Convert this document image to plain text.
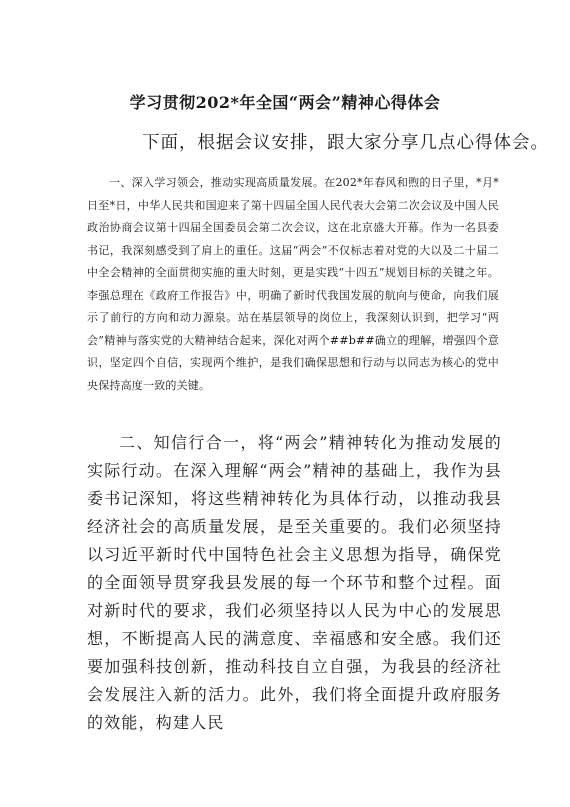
学习贯彻202*年全国“两会”精神心得体会
下面，根据会议安排，跟大家分享几点心得体会。

一、深入学习领会，推动实现高质量发展。在202*年春风和煦的日子里，*月*日至*日，中华人民共和国迎来了第十四届全国人民代表大会第二次会议及中国人民政治协商会议第十四届全国委员会第二次会议，这在北京盛大开幕。作为一名县委书记，我深刻感受到了肩上的重任。这届“两会”不仅标志着对党的大以及二十届二中全会精神的全面贯彻实施的重大时刻，更是实践“十四五”规划目标的关键之年。李强总理在《政府工作报告》中，明确了新时代我国发展的航向与使命，向我们展示了前行的方向和动力源泉。站在基层领导的岗位上，我深刻认识到，把学习“两会”精神与落实党的大精神结合起来，深化对两个##b##确立的理解，增强四个意识，坚定四个自信，实现两个维护，是我们确保思想和行动与以同志为核心的党中央保持高度一致的关键。

二、知信行合一，将“两会”精神转化为推动发展的实际行动。在深入理解“两会”精神的基础上，我作为县委书记深知，将这些精神转化为具体行动，以推动我县经济社会的高质量发展，是至关重要的。我们必须坚持以习近平新时代中国特色社会主义思想为指导，确保党的全面领导贯穿我县发展的每一个环节和整个过程。面对新时代的要求，我们必须坚持以人民为中心的发展思想，不断提高人民的满意度、幸福感和安全感。我们还要加强科技创新，推动科技自立自强，为我县的经济社会发展注入新的活力。此外，我们将全面提升政府服务的效能，构建人民
